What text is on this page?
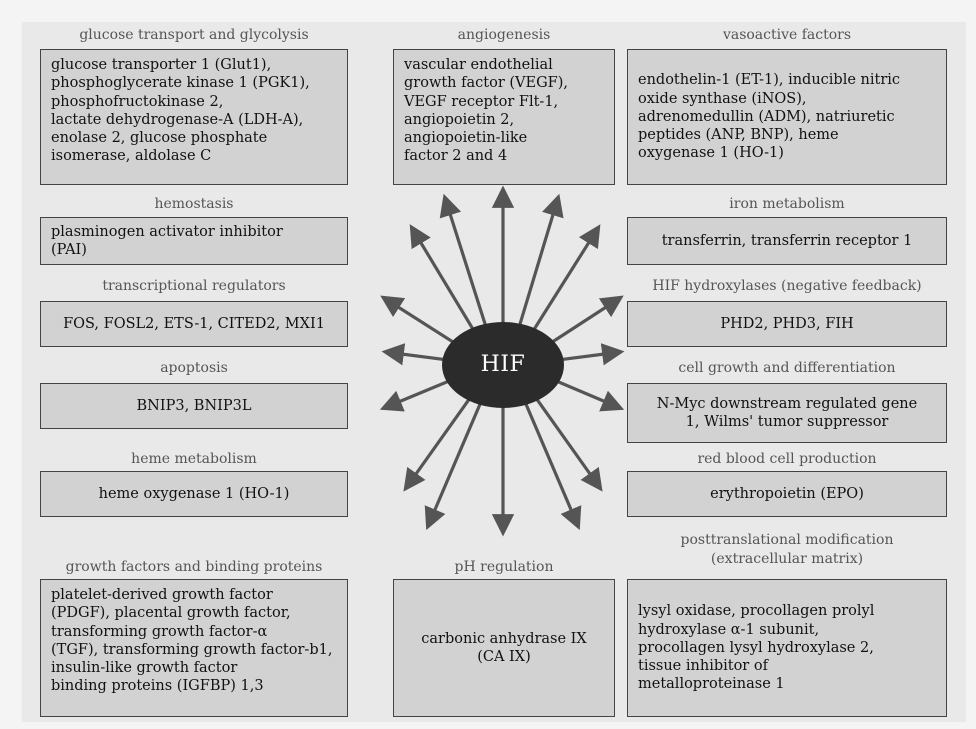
HIF
glucose transport and glycolysis
glucose transporter 1 (Glut1),
phosphoglycerate kinase 1 (PGK1),
phosphofructokinase 2,
lactate dehydrogenase-A (LDH-A),
enolase 2, glucose phosphate
isomerase, aldolase C
hemostasis
plasminogen activator inhibitor
(PAI)
transcriptional regulators
FOS, FOSL2, ETS-1, CITED2, MXI1
apoptosis
BNIP3, BNIP3L
heme metabolism
heme oxygenase 1 (HO-1)
growth factors and binding proteins
platelet-derived growth factor
(PDGF), placental growth factor,
transforming growth factor-α
(TGF), transforming growth factor-b1,
insulin-like growth factor
binding proteins (IGFBP) 1,3
angiogenesis
vascular endothelial
growth factor (VEGF),
VEGF receptor Flt-1,
angiopoietin 2,
angiopoietin-like
factor 2 and 4
pH regulation
carbonic anhydrase IX
(CA IX)
vasoactive factors
endothelin-1 (ET-1), inducible nitric
oxide synthase (iNOS),
adrenomedullin (ADM), natriuretic
peptides (ANP, BNP), heme
oxygenase 1 (HO-1)
iron metabolism
transferrin, transferrin receptor 1
HIF hydroxylases (negative feedback)
PHD2, PHD3, FIH
cell growth and differentiation
N-Myc downstream regulated gene
1, Wilms' tumor suppressor
red blood cell production
erythropoietin (EPO)
posttranslational modification
(extracellular matrix)
lysyl oxidase, procollagen prolyl
hydroxylase α-1 subunit,
procollagen lysyl hydroxylase 2,
tissue inhibitor of
metalloproteinase 1
